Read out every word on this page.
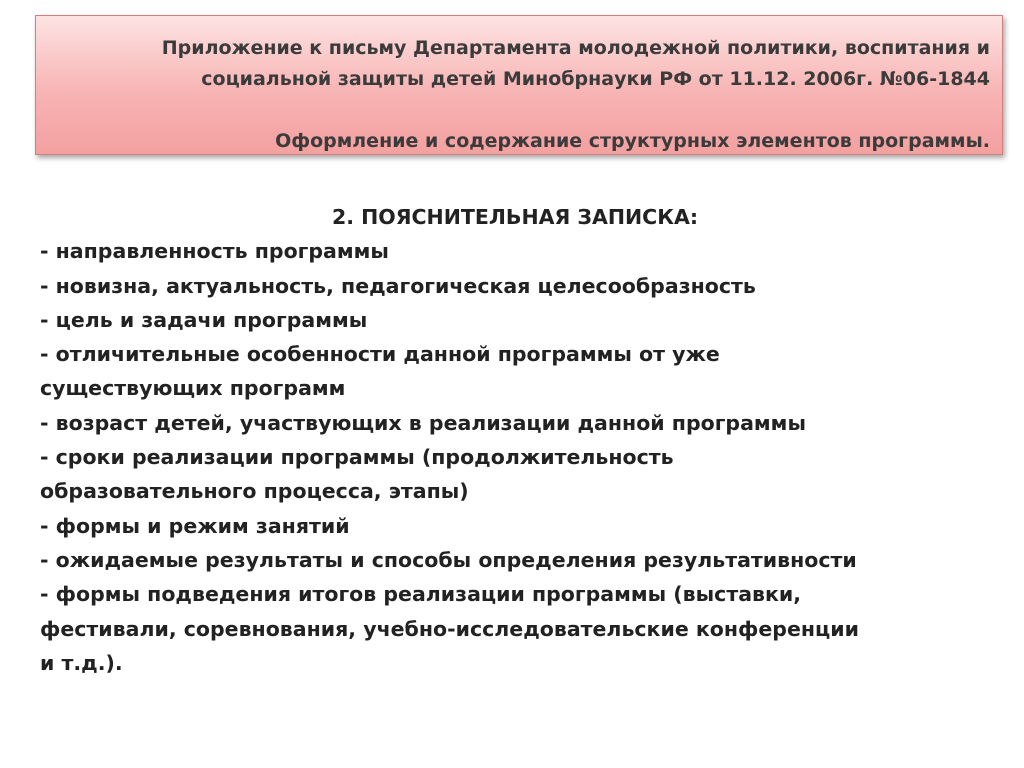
Приложение к письму Департамента молодежной политики, воспитания и
социальной защиты детей Минобрнауки РФ от 11.12. 2006г. №06-1844
Оформление и содержание структурных элементов программы.
2. ПОЯСНИТЕЛЬНАЯ ЗАПИСКА:
- направленность программы
- новизна, актуальность, педагогическая целесообразность
- цель и задачи программы
- отличительные особенности данной программы от уже
существующих программ
- возраст детей, участвующих в реализации данной программы
- сроки реализации программы (продолжительность
образовательного процесса, этапы)
- формы и режим занятий
- ожидаемые результаты и способы определения результативности
- формы подведения итогов реализации программы (выставки,
фестивали, соревнования, учебно-исследовательские конференции
и т.д.).
